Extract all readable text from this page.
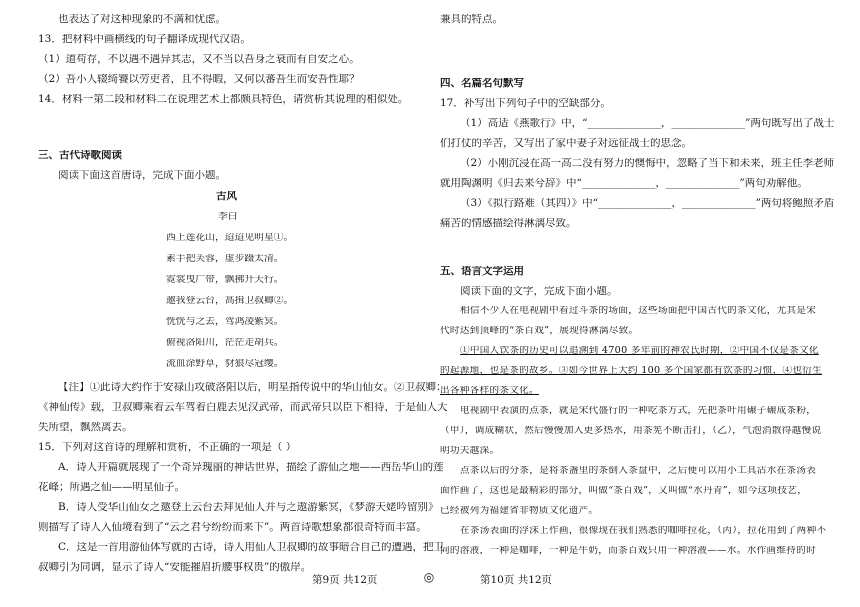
也表达了对这种现象的不满和忧虑。
13．把材料中画横线的句子翻译成现代汉语。
（1）道苟存，不以遇不遇异其志，又不当以吾身之衰而有自安之心。
（2）吾小人辍绮饕以劳吏者，且不得暇，又何以蕃吾生而安吾性耶？
14．材料一第二段和材料二在说理艺术上都颇具特色，请赏析其说理的相似处。
三、古代诗歌阅读
阅读下面这首唐诗，完成下面小题。
古风
李白
西上莲花山，迢迢见明星①。
素手把芙蓉，虚步蹑太清。
霓裳曳广带，飘拂升天行。
邀我登云台，高揖卫叔卿②。
恍恍与之去，驾鸿凌紫冥。
俯视洛阳川，茫茫走胡兵。
流血涂野草，豺狼尽冠缨。
【注】①此诗大约作于安禄山攻破洛阳以后，明星指传说中的华山仙女。②卫叔卿：
《神仙传》载，卫叔卿乘着云车驾着白鹿去见汉武帝，而武帝只以臣下相待，于是仙人大
失所望，飘然离去。
15．下列对这首诗的理解和赏析，不正确的一项是（ ）
A．诗人开篇就展现了一个奇异瑰丽的神话世界，描绘了游仙之地——西岳华山的莲
花峰；所遇之仙——明星仙子。
B．诗人受华山仙女之邀登上云台去拜见仙人并与之遨游紫冥，《梦游天姥吟留别》
则描写了诗人入仙境看到了“云之君兮纷纷而来下”。两首诗歌想象都很奇特而丰富。
C．这是一首用游仙体写就的古诗，诗人用仙人卫叔卿的故事暗合自己的遭遇，把卫
叔卿引为同调，显示了诗人“安能摧眉折腰事权贵”的傲岸。
兼具的特点。
四、名篇名句默写
17．补写出下列句子中的空缺部分。
（1）高适《燕歌行》中，“______________，______________”两句既写出了战士
们打仗的辛苦，又写出了家中妻子对远征战士的思念。
（2）小刚沉浸在高一高二没有努力的懊悔中，忽略了当下和未来，班主任李老师
就用陶渊明《归去来兮辞》中“______________，______________”两句劝解他。
（3）《拟行路难（其四）》中“______________，______________”两句将鲍照矛盾
痛苦的情感描绘得淋漓尽致。
五、语言文字运用
阅读下面的文字，完成下面小题。
相信不少人在电视剧中看过斗茶的场面，这些场面把中国古代的茶文化，尤其是宋
代时达到顶峰的“茶百戏”，展现得淋漓尽致。
①中国人饮茶的历史可以追溯到 4700 多年前的神农氏时期，②中国不仅是茶文化
的起源地，也是茶的故乡。③如今世界上大约 100 多个国家都有饮茶的习惯，④也衍生
出各种各样的茶文化。
电视剧中表演的点茶，就是宋代盛行的一种吃茶方式，先把茶叶用碾子碾成茶粉，
（甲），调成糊状，然后慢慢加入更多热水，用茶筅不断击打，（乙），气泡消散得越慢说
明功夫越深。
点茶以后的分茶，是将茶盏里的茶倒入茶盘中，之后便可以用小工具沾水在茶汤表
面作画了，这也是最精彩的部分，叫做“茶百戏”，又叫做“水丹青”，如今这项技艺，
已经被列为福建省非物质文化遗产。
在茶汤表面的浮沫上作画，很像现在我们熟悉的咖啡拉花，（丙），拉花用到了两种不
同的溶液，一种是咖啡，一种是牛奶，而茶百戏只用一种溶液——水。水作画维持的时
第9页 共12页	◎	第10页 共12页
